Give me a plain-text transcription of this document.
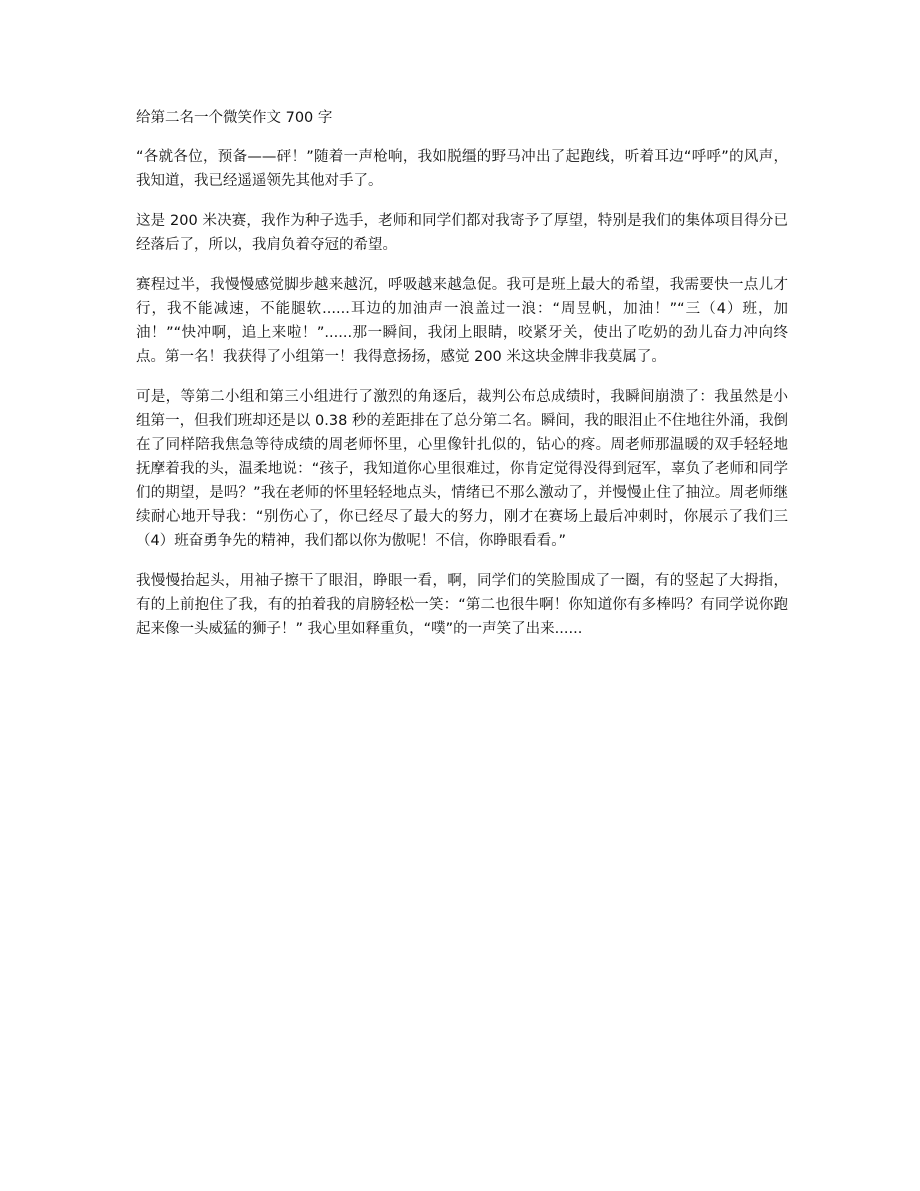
给第二名一个微笑作文 700 字

“各就各位，预备——砰！”随着一声枪响，我如脱缰的野马冲出了起跑线，听着耳边“呼呼”的风声，我知道，我已经遥遥领先其他对手了。

这是 200 米决赛，我作为种子选手，老师和同学们都对我寄予了厚望，特别是我们的集体项目得分已经落后了，所以，我肩负着夺冠的希望。

赛程过半，我慢慢感觉脚步越来越沉，呼吸越来越急促。我可是班上最大的希望，我需要快一点儿才行，我不能减速，不能腿软......耳边的加油声一浪盖过一浪：“周昱帆，加油！”“三（4）班，加油！”“快冲啊，追上来啦！”......那一瞬间，我闭上眼睛，咬紧牙关，使出了吃奶的劲儿奋力冲向终点。第一名！我获得了小组第一！我得意扬扬，感觉 200 米这块金牌非我莫属了。

可是，等第二小组和第三小组进行了激烈的角逐后，裁判公布总成绩时，我瞬间崩溃了：我虽然是小组第一，但我们班却还是以 0.38 秒的差距排在了总分第二名。瞬间，我的眼泪止不住地往外涌，我倒在了同样陪我焦急等待成绩的周老师怀里，心里像针扎似的，钻心的疼。周老师那温暖的双手轻轻地抚摩着我的头，温柔地说：“孩子，我知道你心里很难过，你肯定觉得没得到冠军，辜负了老师和同学们的期望，是吗？”我在老师的怀里轻轻地点头，情绪已不那么激动了，并慢慢止住了抽泣。周老师继续耐心地开导我：“别伤心了，你已经尽了最大的努力，刚才在赛场上最后冲刺时，你展示了我们三（4）班奋勇争先的精神，我们都以你为傲呢！不信，你睁眼看看。”

我慢慢抬起头，用袖子擦干了眼泪，睁眼一看，啊，同学们的笑脸围成了一圈，有的竖起了大拇指，有的上前抱住了我，有的拍着我的肩膀轻松一笑：“第二也很牛啊！你知道你有多棒吗？有同学说你跑起来像一头威猛的狮子！” 我心里如释重负，“噗”的一声笑了出来......
